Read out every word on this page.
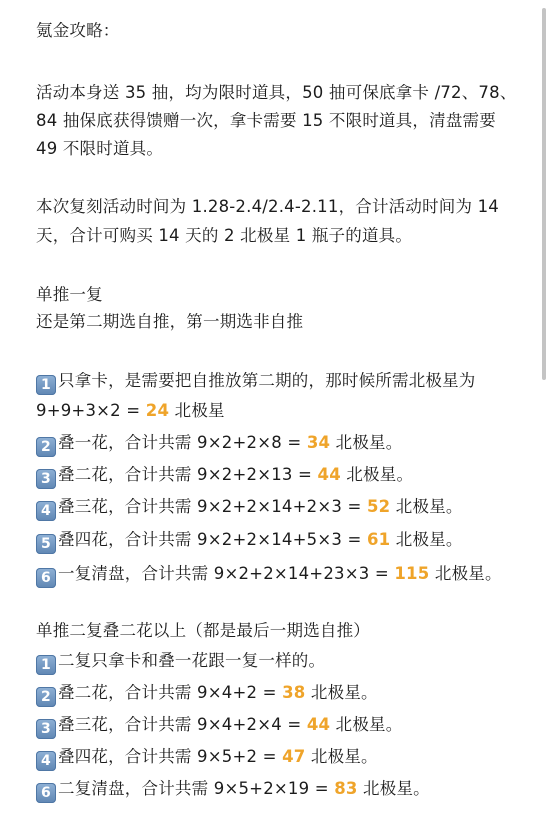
氪金攻略：
活动本身送 35 抽，均为限时道具，50 抽可保底拿卡 /72、78、
84 抽保底获得馈赠一次，拿卡需要 15 不限时道具，清盘需要
49 不限时道具。
本次复刻活动时间为 1.28-2.4/2.4-2.11，合计活动时间为 14
天，合计可购买 14 天的 2 北极星 1 瓶子的道具。
单推一复
还是第二期选自推，第一期选非自推
1 只拿卡，是需要把自推放第二期的，那时候所需北极星为
9+9+3×2 = 24 北极星
2 叠一花，合计共需 9×2+2×8 = 34 北极星。
3 叠二花，合计共需 9×2+2×13 = 44 北极星。
4 叠三花，合计共需 9×2+2×14+2×3 = 52 北极星。
5 叠四花，合计共需 9×2+2×14+5×3 = 61 北极星。
6 一复清盘，合计共需 9×2+2×14+23×3 = 115 北极星。
单推二复叠二花以上（都是最后一期选自推）
1 二复只拿卡和叠一花跟一复一样的。
2 叠二花，合计共需 9×4+2 = 38 北极星。
3 叠三花，合计共需 9×4+2×4 = 44 北极星。
4 叠四花，合计共需 9×5+2 = 47 北极星。
6 二复清盘，合计共需 9×5+2×19 = 83 北极星。
